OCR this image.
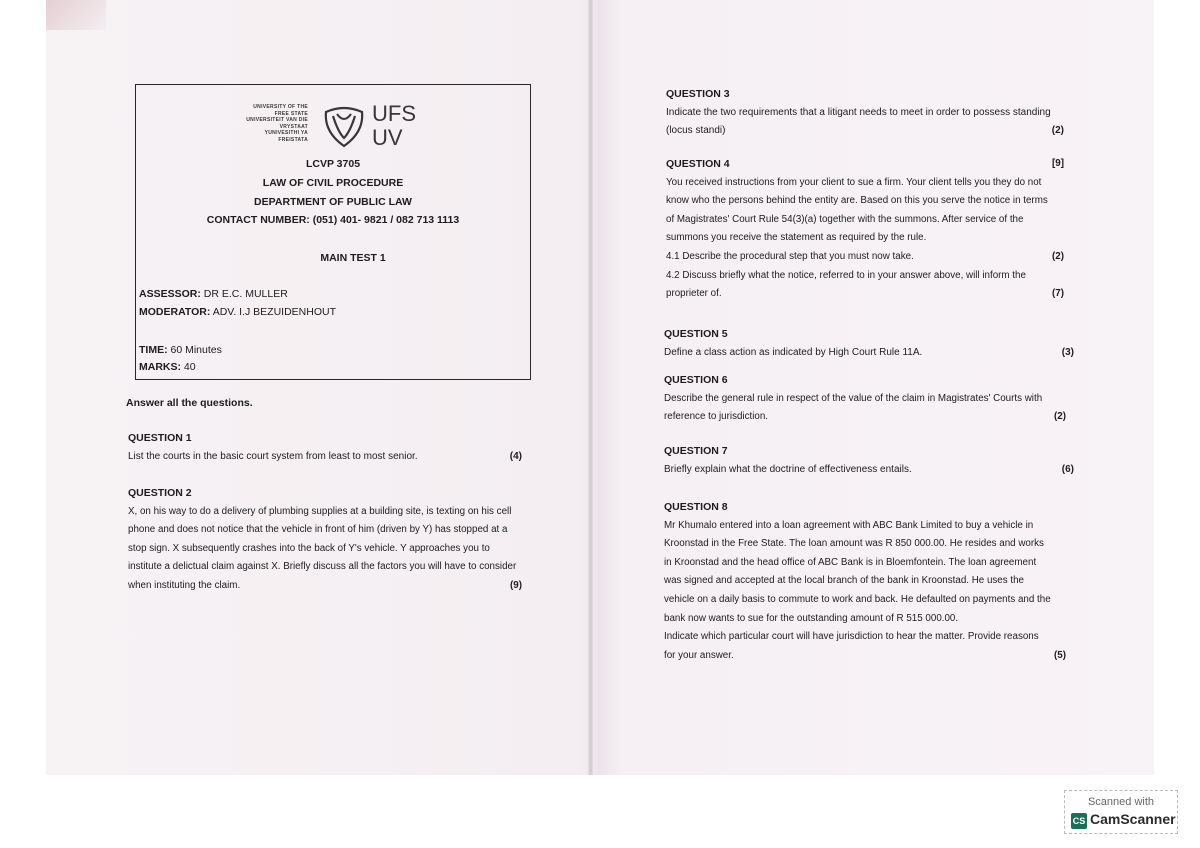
UNIVERSITY OF THE
FREE STATE
UNIVERSITEIT VAN DIE
VRYSTAAT
YUNIVESITHI YA
FREISTATA
UFS
UV
LCVP 3705
LAW OF CIVIL PROCEDURE
DEPARTMENT OF PUBLIC LAW
CONTACT NUMBER: (051) 401- 9821 / 082 713 1113
MAIN TEST 1
ASSESSOR: DR E.C. MULLER
MODERATOR: ADV. I.J BEZUIDENHOUT
TIME: 60 Minutes
MARKS: 40
Answer all the questions.
QUESTION 1
List the courts in the basic court system from least to most senior.	(4)
QUESTION 2
X, on his way to do a delivery of plumbing supplies at a building site, is texting on his cell
phone and does not notice that the vehicle in front of him (driven by Y) has stopped at a
stop sign. X subsequently crashes into the back of Y's vehicle. Y approaches you to
institute a delictual claim against X. Briefly discuss all the factors you will have to consider
when instituting the claim.	(9)
QUESTION 3
Indicate the two requirements that a litigant needs to meet in order to possess standing
(locus standi)	(2)
QUESTION 4	[9]
You received instructions from your client to sue a firm. Your client tells you they do not
know who the persons behind the entity are. Based on this you serve the notice in terms
of Magistrates' Court Rule 54(3)(a) together with the summons. After service of the
summons you receive the statement as required by the rule.
4.1 Describe the procedural step that you must now take.	(2)
4.2 Discuss briefly what the notice, referred to in your answer above, will inform the
proprieter of.	(7)
QUESTION 5
Define a class action as indicated by High Court Rule 11A.	(3)
QUESTION 6
Describe the general rule in respect of the value of the claim in Magistrates' Courts with
reference to jurisdiction.	(2)
QUESTION 7
Briefly explain what the doctrine of effectiveness entails.	(6)
QUESTION 8
Mr Khumalo entered into a loan agreement with ABC Bank Limited to buy a vehicle in
Kroonstad in the Free State. The loan amount was R 850 000.00. He resides and works
in Kroonstad and the head office of ABC Bank is in Bloemfontein. The loan agreement
was signed and accepted at the local branch of the bank in Kroonstad. He uses the
vehicle on a daily basis to commute to work and back. He defaulted on payments and the
bank now wants to sue for the outstanding amount of R 515 000.00.
Indicate which particular court will have jurisdiction to hear the matter. Provide reasons
for your answer.	(5)
Scanned with
CS CamScanner
